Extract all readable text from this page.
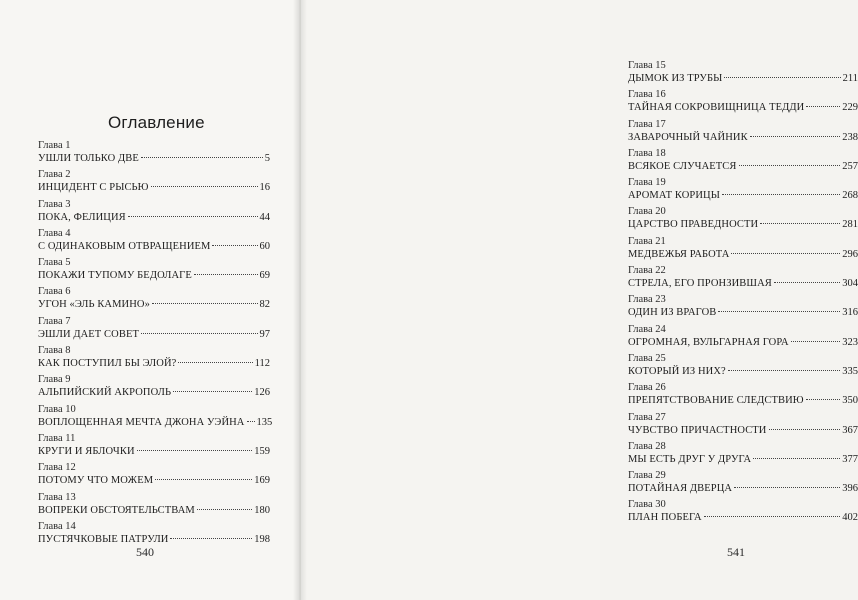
Оглавление
Глава 1
УШЛИ ТОЛЬКО ДВЕ	5
Глава 2
ИНЦИДЕНТ С РЫСЬЮ	16
Глава 3
ПОКА, ФЕЛИЦИЯ	44
Глава 4
С ОДИНАКОВЫМ ОТВРАЩЕНИЕМ	60
Глава 5
ПОКАЖИ ТУПОМУ БЕДОЛАГЕ	69
Глава 6
УГОН «ЭЛЬ КАМИНО»	82
Глава 7
ЭШЛИ ДАЕТ СОВЕТ	97
Глава 8
КАК ПОСТУПИЛ БЫ ЭЛОЙ?	112
Глава 9
АЛЬПИЙСКИЙ АКРОПОЛЬ	126
Глава 10
ВОПЛОЩЕННАЯ МЕЧТА ДЖОНА УЭЙНА 135
Глава 11
КРУГИ И ЯБЛОЧКИ	159
Глава 12
ПОТОМУ ЧТО МОЖЕМ	169
Глава 13
ВОПРЕКИ ОБСТОЯТЕЛЬСТВАМ	180
Глава 14
ПУСТЯЧКОВЫЕ ПАТРУЛИ	198
540
Глава 15
ДЫМОК ИЗ ТРУБЫ	211
Глава 16
ТАЙНАЯ СОКРОВИЩНИЦА ТЕДДИ	229
Глава 17
ЗАВАРОЧНЫЙ ЧАЙНИК	238
Глава 18
ВСЯКОЕ СЛУЧАЕТСЯ	257
Глава 19
АРОМАТ КОРИЦЫ	268
Глава 20
ЦАРСТВО ПРАВЕДНОСТИ	281
Глава 21
МЕДВЕЖЬЯ РАБОТА	296
Глава 22
СТРЕЛА, ЕГО ПРОНЗИВШАЯ	304
Глава 23
ОДИН ИЗ ВРАГОВ	316
Глава 24
ОГРОМНАЯ, ВУЛЬГАРНАЯ ГОРА	323
Глава 25
КОТОРЫЙ ИЗ НИХ?	335
Глава 26
ПРЕПЯТСТВОВАНИЕ СЛЕДСТВИЮ	350
Глава 27
ЧУВСТВО ПРИЧАСТНОСТИ	367
Глава 28
МЫ ЕСТЬ ДРУГ У ДРУГА	377
Глава 29
ПОТАЙНАЯ ДВЕРЦА	396
Глава 30
ПЛАН ПОБЕГА	402
541
